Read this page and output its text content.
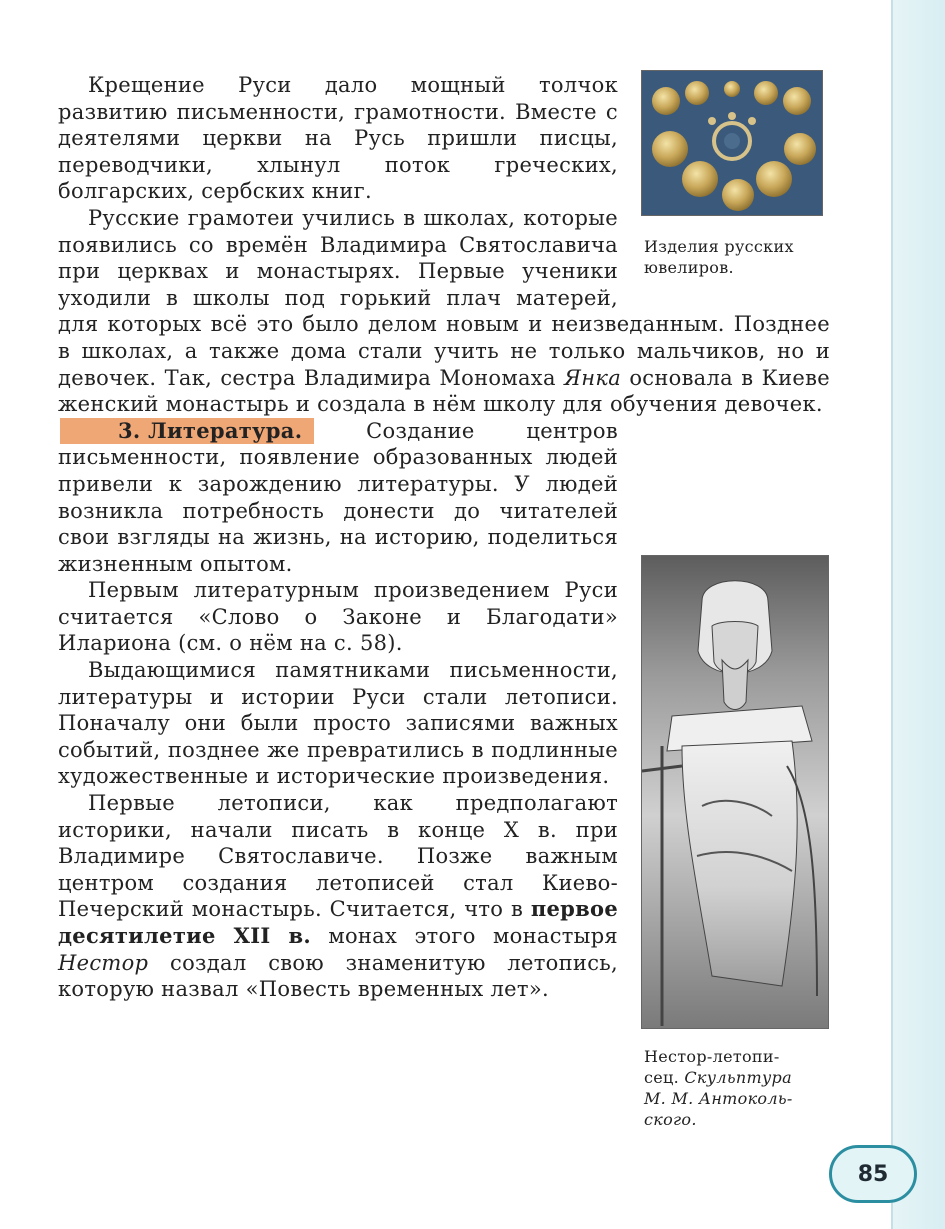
Изделия русских ювелиров.
Нестор-летопи-
сец. Скульптура
М. М. Антоколь-ского.

Крещение Руси дало мощный толчок развитию письменности, грамотности. Вместе с деятелями церкви на Русь пришли писцы, переводчики, хлынул поток греческих, болгарских, сербских книг.

Русские грамотеи учились в школах, которые появились со времён Владимира Святославича при церквах и монастырях. Первые ученики уходили в школы под горький плач матерей, для которых всё это было делом новым и неизведанным. Позднее в школах, а также дома стали учить не только мальчиков, но и девочек. Так, сестра Владимира Мономаха Янка основала в Киеве женский монастырь и создала в нём школу для обучения девочек.

3. Литература. Создание центров письменности, появление образованных людей привели к зарождению литературы. У людей возникла потребность донести до читателей свои взгляды на жизнь, на историю, поделиться жизненным опытом.

Первым литературным произведением Руси считается «Слово о Законе и Благодати» Илариона (см. о нём на с. 58).

Выдающимися памятниками письменности, литературы и истории Руси стали летописи. Поначалу они были просто записями важных событий, позднее же превратились в подлинные художественные и исторические произведения.

Первые летописи, как предполагают историки, начали писать в конце X в. при Владимире Святославиче. Позже важным центром создания летописей стал Киево-Печерский монастырь. Считается, что в первое десятилетие XII в. монах этого монастыря Нестор создал свою знаменитую летопись, которую назвал «Повесть временных лет».

85
